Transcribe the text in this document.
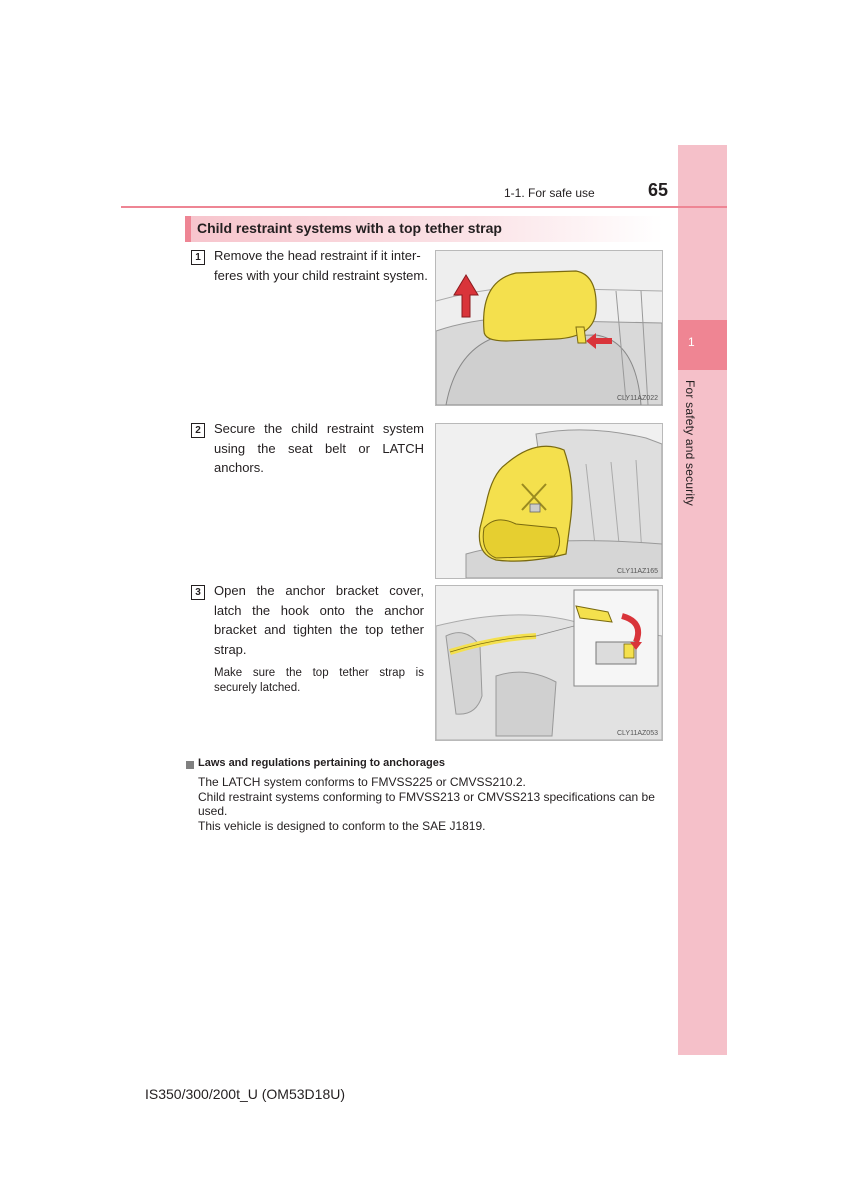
1
For safety and security
1-1. For safe use	65
Child restraint systems with a top tether strap
1	Remove the head restraint if it inter-
feres with your child restraint system.
CLY11AZ022
2	Secure the child restraint system using the seat belt or LATCH anchors.
CLY11AZ165
3	Open the anchor bracket cover, latch the hook onto the anchor bracket and tighten the top tether strap.
Make sure the top tether strap is securely latched.
CLY11AZ053
Laws and regulations pertaining to anchorages
The LATCH system conforms to FMVSS225 or CMVSS210.2.
Child restraint systems conforming to FMVSS213 or CMVSS213 specifications can be
used.
This vehicle is designed to conform to the SAE J1819.
IS350/300/200t_U (OM53D18U)
